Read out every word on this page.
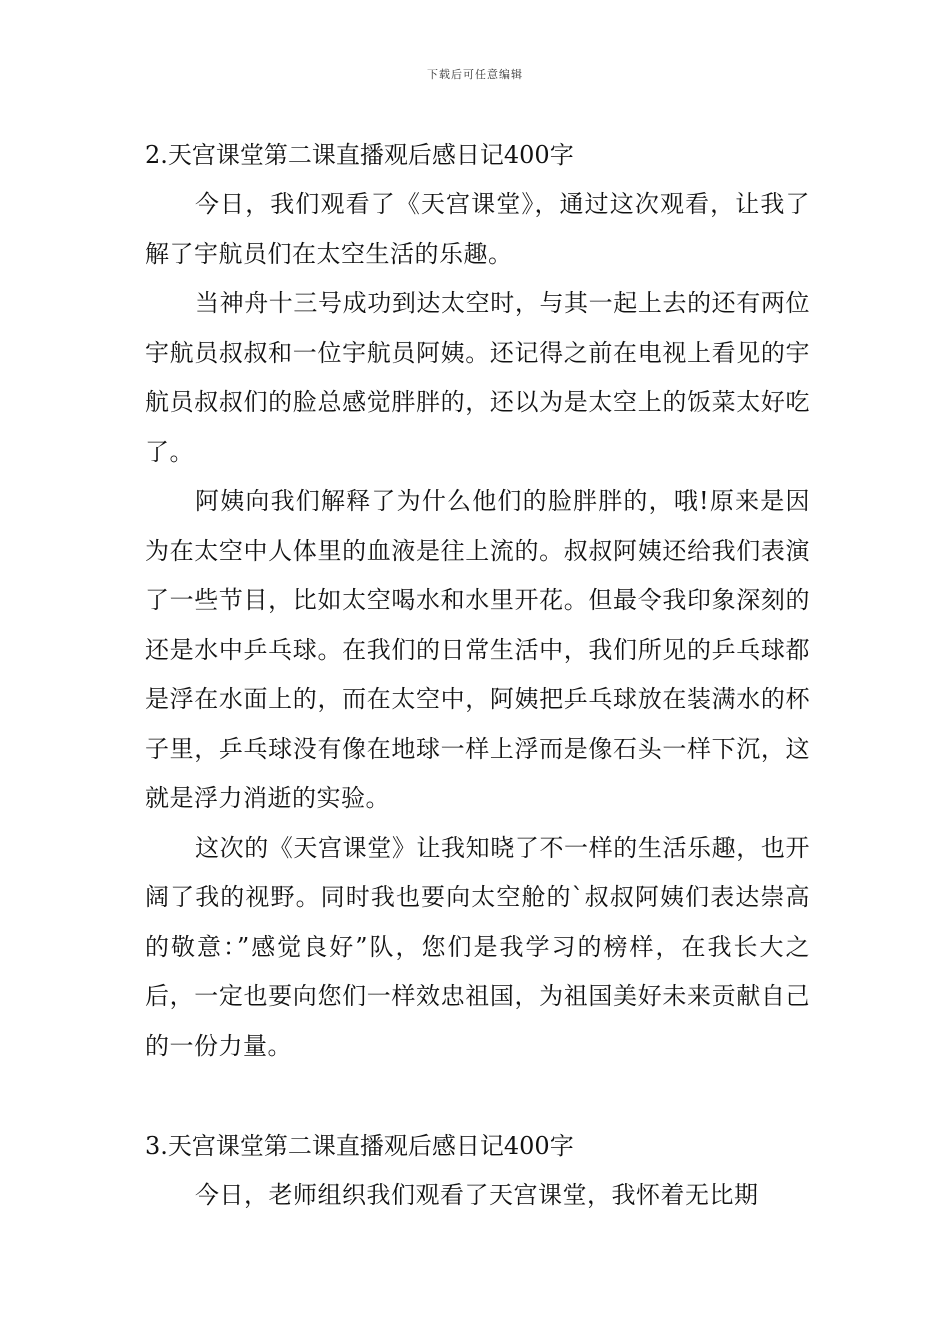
下载后可任意编辑
2.天宫课堂第二课直播观后感日记400字

今日，我们观看了《天宫课堂》，通过这次观看，让我了解了宇航员们在太空生活的乐趣。

当神舟十三号成功到达太空时，与其一起上去的还有两位宇航员叔叔和一位宇航员阿姨。还记得之前在电视上看见的宇航员叔叔们的脸总感觉胖胖的，还以为是太空上的饭菜太好吃了。

阿姨向我们解释了为什么他们的脸胖胖的，哦!原来是因为在太空中人体里的血液是往上流的。叔叔阿姨还给我们表演了一些节目，比如太空喝水和水里开花。但最令我印象深刻的还是水中乒乓球。在我们的日常生活中，我们所见的乒乓球都是浮在水面上的，而在太空中，阿姨把乒乓球放在装满水的杯子里，乒乓球没有像在地球一样上浮而是像石头一样下沉，这就是浮力消逝的实验。

这次的《天宫课堂》让我知晓了不一样的生活乐趣，也开阔了我的视野。同时我也要向太空舱的`叔叔阿姨们表达崇高的敬意：”感觉良好”队，您们是我学习的榜样，在我长大之后，一定也要向您们一样效忠祖国，为祖国美好未来贡献自己的一份力量。

3.天宫课堂第二课直播观后感日记400字

今日，老师组织我们观看了天宫课堂，我怀着无比期
